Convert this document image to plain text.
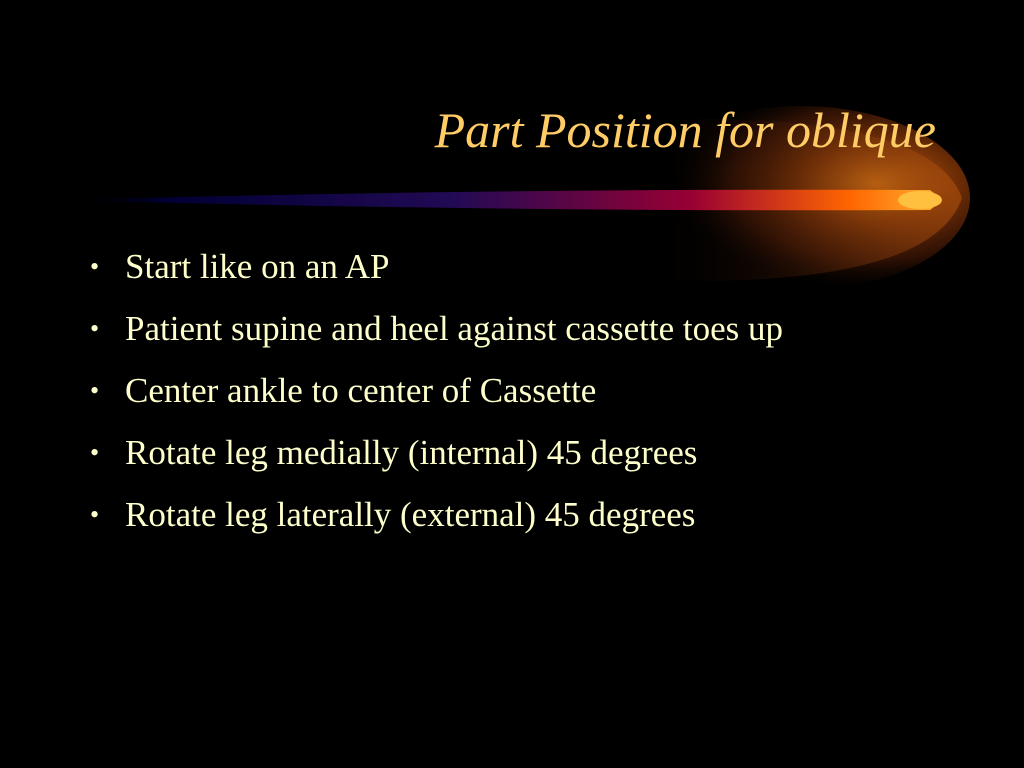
Part Position for oblique
• Start like on an AP
• Patient supine and heel against cassette toes up
• Center ankle to center of Cassette
• Rotate leg medially (internal) 45 degrees
• Rotate leg laterally (external) 45 degrees
